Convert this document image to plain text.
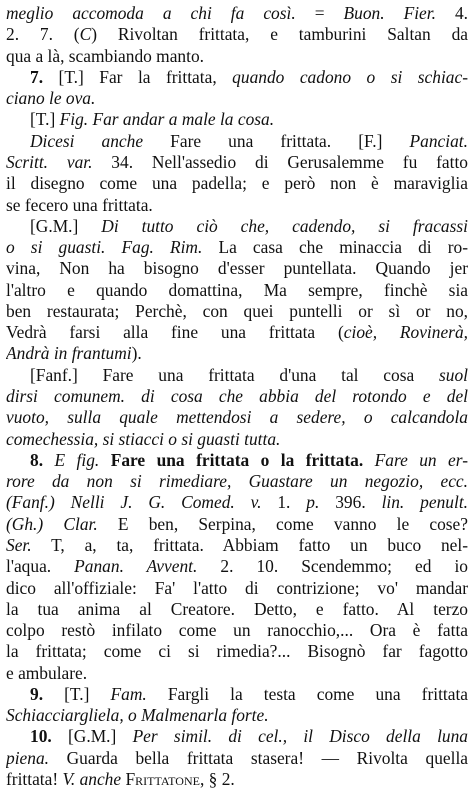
meglio accomoda a chi fa così. = Buon. Fier. 4.
2. 7. (C) Rivoltan frittata, e tamburini Saltan da
qua a là, scambiando manto.
7. [T.] Far la frittata, quando cadono o si schiac-
ciano le ova.
[T.] Fig. Far andar a male la cosa.
Dicesi anche Fare una frittata. [F.] Panciat.
Scritt. var. 34. Nell'assedio di Gerusalemme fu fatto
il disegno come una padella; e però non è maraviglia
se fecero una frittata.
[G.M.] Di tutto ciò che, cadendo, si fracassi
o si guasti. Fag. Rim. La casa che minaccia di ro-
vina, Non ha bisogno d'esser puntellata. Quando jer
l'altro e quando domattina, Ma sempre, finchè sia
ben restaurata; Perchè, con quei puntelli or sì or no,
Vedrà farsi alla fine una frittata (cioè, Rovinerà,
Andrà in frantumi).
[Fanf.] Fare una frittata d'una tal cosa suol
dirsi comunem. di cosa che abbia del rotondo e del
vuoto, sulla quale mettendosi a sedere, o calcandola
comechessia, si stiacci o si guasti tutta.
8. E fig. Fare una frittata o la frittata. Fare un er-
rore da non si rimediare, Guastare un negozio, ecc.
(Fanf.) Nelli J. G. Comed. v. 1. p. 396. lin. penult.
(Gh.) Clar. E ben, Serpina, come vanno le cose?
Ser. T, a, ta, frittata. Abbiam fatto un buco nel-
l'aqua. Panan. Avvent. 2. 10. Scendemmo; ed io
dico all'offiziale: Fa' l'atto di contrizione; vo' mandar
la tua anima al Creatore. Detto, e fatto. Al terzo
colpo restò infilato come un ranocchio,... Ora è fatta
la frittata; come ci si rimedia?... Bisognò far fagotto
e ambulare.
9. [T.] Fam. Fargli la testa come una frittata
Schiacciargliela, o Malmenarla forte.
10. [G.M.] Per simil. di cel., il Disco della luna
piena. Guarda bella frittata stasera! — Rivolta quella
frittata! V. anche Frittatone, § 2.
